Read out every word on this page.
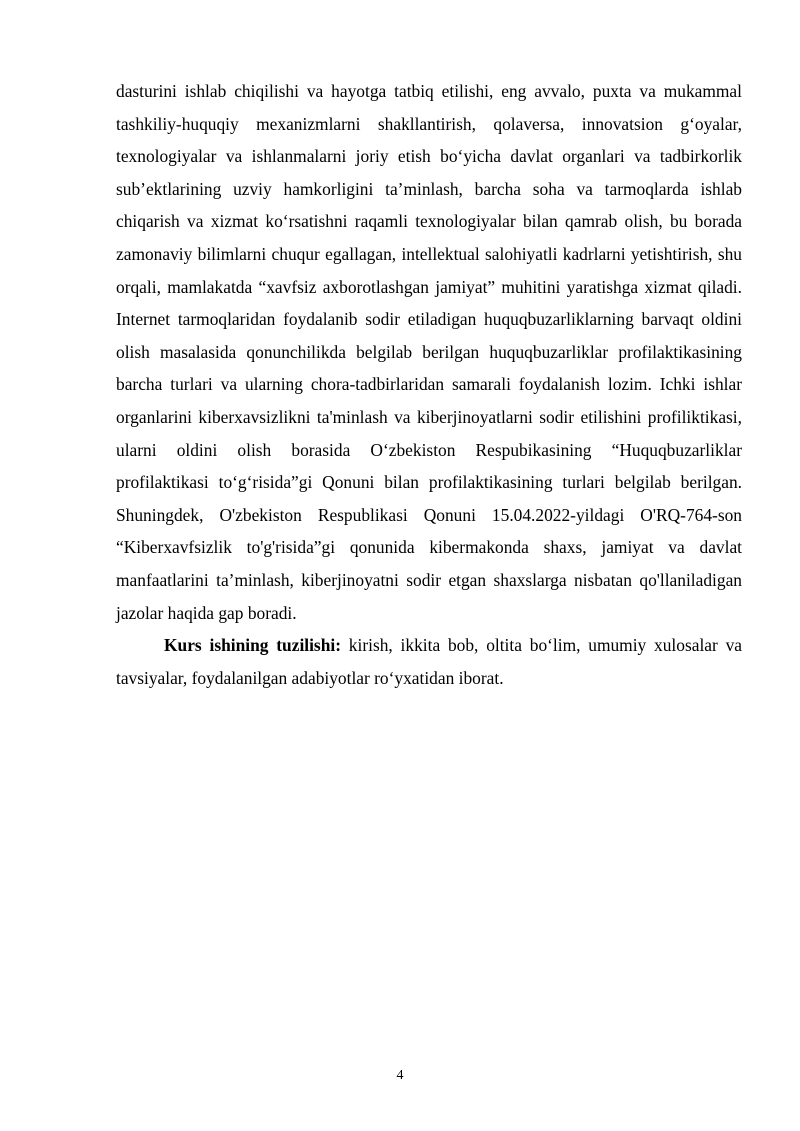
dasturini ishlab chiqilishi va hayotga tatbiq etilishi, eng avvalo, puxta va mukammal tashkiliy-huquqiy mexanizmlarni shakllantirish, qolaversa, innovatsion g‘oyalar, texnologiyalar va ishlanmalarni joriy etish bo‘yicha davlat organlari va tadbirkorlik sub’ektlarining uzviy hamkorligini ta’minlash, barcha soha va tarmoqlarda ishlab chiqarish va xizmat ko‘rsatishni raqamli texnologiyalar bilan qamrab olish, bu borada zamonaviy bilimlarni chuqur egallagan, intellektual salohiyatli kadrlarni yetishtirish, shu orqali, mamlakatda “xavfsiz axborotlashgan jamiyat” muhitini yaratishga xizmat qiladi. Internet tarmoqlaridan foydalanib sodir etiladigan huquqbuzarliklarning barvaqt oldini olish masalasida qonunchilikda belgilab berilgan huquqbuzarliklar profilaktikasining barcha turlari va ularning chora-tadbirlaridan samarali foydalanish lozim. Ichki ishlar organlarini kiberxavsizlikni ta'minlash va kiberjinoyatlarni sodir etilishini profiliktikasi, ularni oldini olish borasida O‘zbekiston Respubikasining “Huquqbuzarliklar profilaktikasi to‘g‘risida”gi Qonuni bilan profilaktikasining turlari belgilab berilgan. Shuningdek, O'zbekiston Respublikasi Qonuni 15.04.2022-yildagi O'RQ-764-son “Kiberxavfsizlik to'g'risida”gi qonunida kibermakonda shaxs, jamiyat va davlat manfaatlarini ta’minlash, kiberjinoyatni sodir etgan shaxslarga nisbatan qo'llaniladigan jazolar haqida gap boradi.

Kurs ishining tuzilishi: kirish, ikkita bob, oltita bo‘lim, umumiy xulosalar va tavsiyalar, foydalanilgan adabiyotlar ro‘yxatidan iborat.

4
